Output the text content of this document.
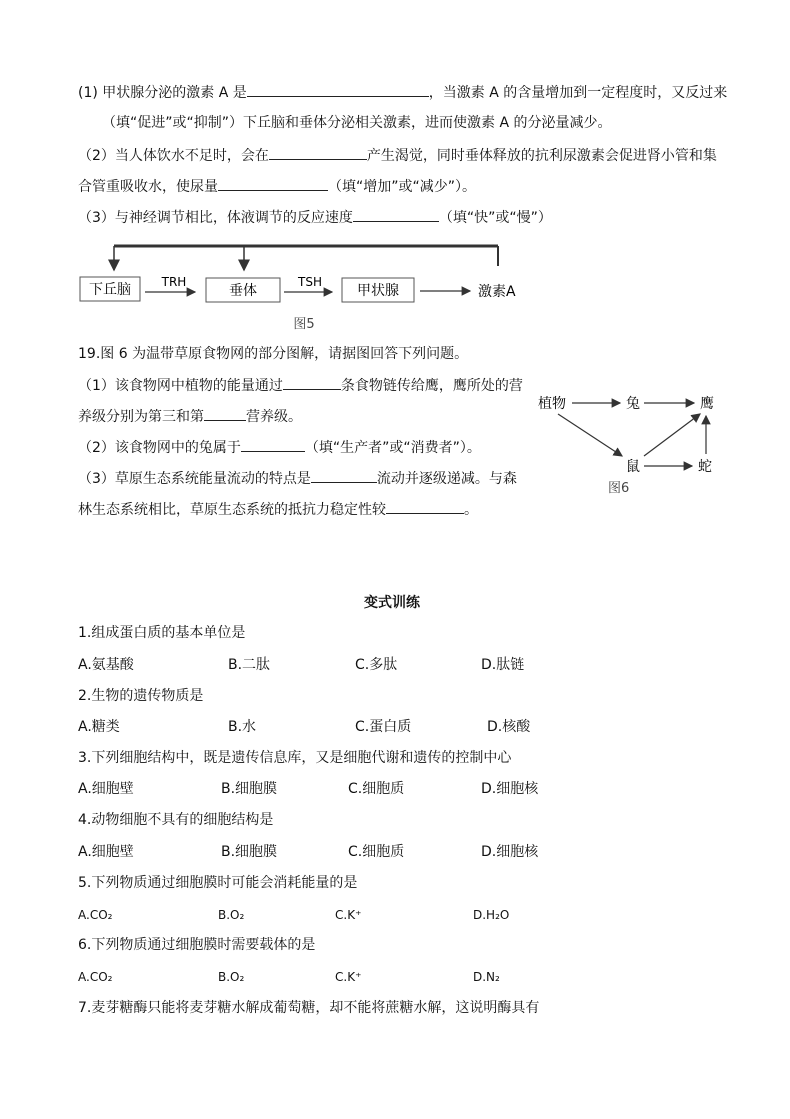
(1) 甲状腺分泌的激素 A 是	，当激素 A 的含量增加到一定程度时，又反过来
（填“促进”或“抑制”）下丘脑和垂体分泌相关激素，进而使激素 A 的分泌量减少。
（2）当人体饮水不足时，会在	产生渴觉，同时垂体释放的抗利尿激素会促进肾小管和集
合管重吸收水，使尿量	（填“增加”或“减少”）。
（3）与神经调节相比，体液调节的反应速度	（填“快”或“慢”）
下丘脑	TRH
垂体
TSH
甲状腺	激素A
图5
19.图 6 为温带草原食物网的部分图解，请据图回答下列问题。
（1）该食物网中植物的能量通过	条食物链传给鹰，鹰所处的营
养级分别为第三和第	营养级。
（2）该食物网中的兔属于	（填“生产者”或“消费者”）。
（3）草原生态系统能量流动的特点是	流动并逐级递减。与森
林生态系统相比，草原生态系统的抵抗力稳定性较	。
植物	兔	鹰
鼠	蛇
图6
变式训练
1.组成蛋白质的基本单位是
A.氨基酸	B.二肽	C.多肽	D.肽链
2.生物的遗传物质是
A.糖类	B.水	C.蛋白质	D.核酸
3.下列细胞结构中，既是遗传信息库，又是细胞代谢和遗传的控制中心
A.细胞壁	B.细胞膜	C.细胞质	D.细胞核
4.动物细胞不具有的细胞结构是
A.细胞壁	B.细胞膜	C.细胞质	D.细胞核
5.下列物质通过细胞膜时可能会消耗能量的是
A.CO₂	B.O₂	C.K⁺	D.H₂O
6.下列物质通过细胞膜时需要载体的是
A.CO₂	B.O₂	C.K⁺	D.N₂
7.麦芽糖酶只能将麦芽糖水解成葡萄糖，却不能将蔗糖水解，这说明酶具有
